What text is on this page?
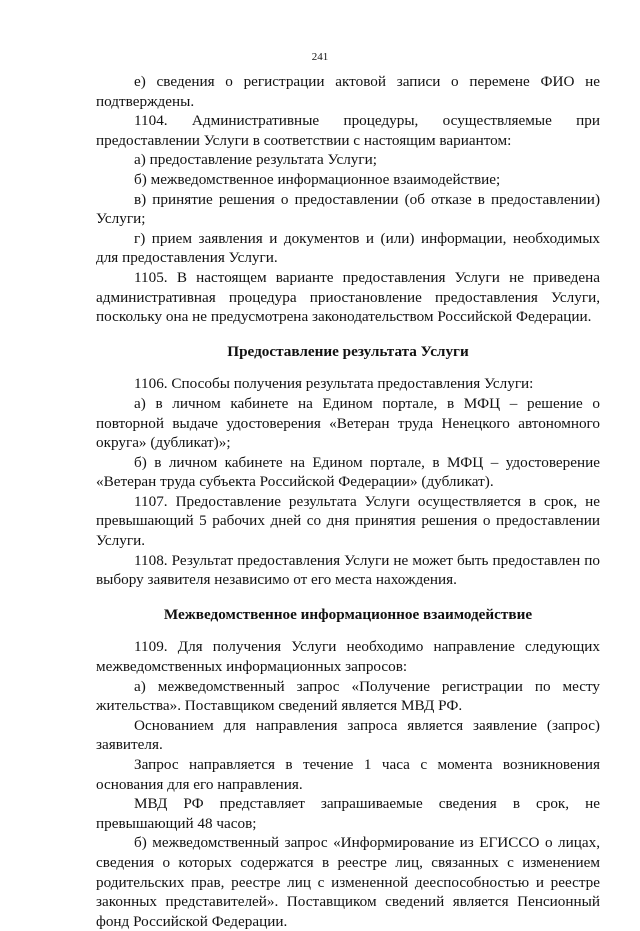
241

е) сведения о регистрации актовой записи о перемене ФИО не подтверждены.

1104. Административные процедуры, осуществляемые при предоставлении Услуги в соответствии с настоящим вариантом:

а) предоставление результата Услуги;

б) межведомственное информационное взаимодействие;

в) принятие решения о предоставлении (об отказе в предоставлении) Услуги;

г) прием заявления и документов и (или) информации, необходимых для предоставления Услуги.

1105. В настоящем варианте предоставления Услуги не приведена административная процедура приостановление предоставления Услуги, поскольку она не предусмотрена законодательством Российской Федерации.

Предоставление результата Услуги

1106. Способы получения результата предоставления Услуги:

а) в личном кабинете на Едином портале, в МФЦ – решение о повторной выдаче удостоверения «Ветеран труда Ненецкого автономного округа» (дубликат)»;

б) в личном кабинете на Едином портале, в МФЦ – удостоверение «Ветеран труда субъекта Российской Федерации» (дубликат).

1107. Предоставление результата Услуги осуществляется в срок, не превышающий 5 рабочих дней со дня принятия решения о предоставлении Услуги.

1108. Результат предоставления Услуги не может быть предоставлен по выбору заявителя независимо от его места нахождения.

Межведомственное информационное взаимодействие

1109. Для получения Услуги необходимо направление следующих межведомственных информационных запросов:

а) межведомственный запрос «Получение регистрации по месту жительства». Поставщиком сведений является МВД РФ.

Основанием для направления запроса является заявление (запрос) заявителя.

Запрос направляется в течение 1 часа с момента возникновения основания для его направления.

МВД РФ представляет запрашиваемые сведения в срок, не превышающий 48 часов;

б) межведомственный запрос «Информирование из ЕГИССО о лицах, сведения о которых содержатся в реестре лиц, связанных с изменением родительских прав, реестре лиц с измененной дееспособностью и реестре законных представителей». Поставщиком сведений является Пенсионный фонд Российской Федерации.
